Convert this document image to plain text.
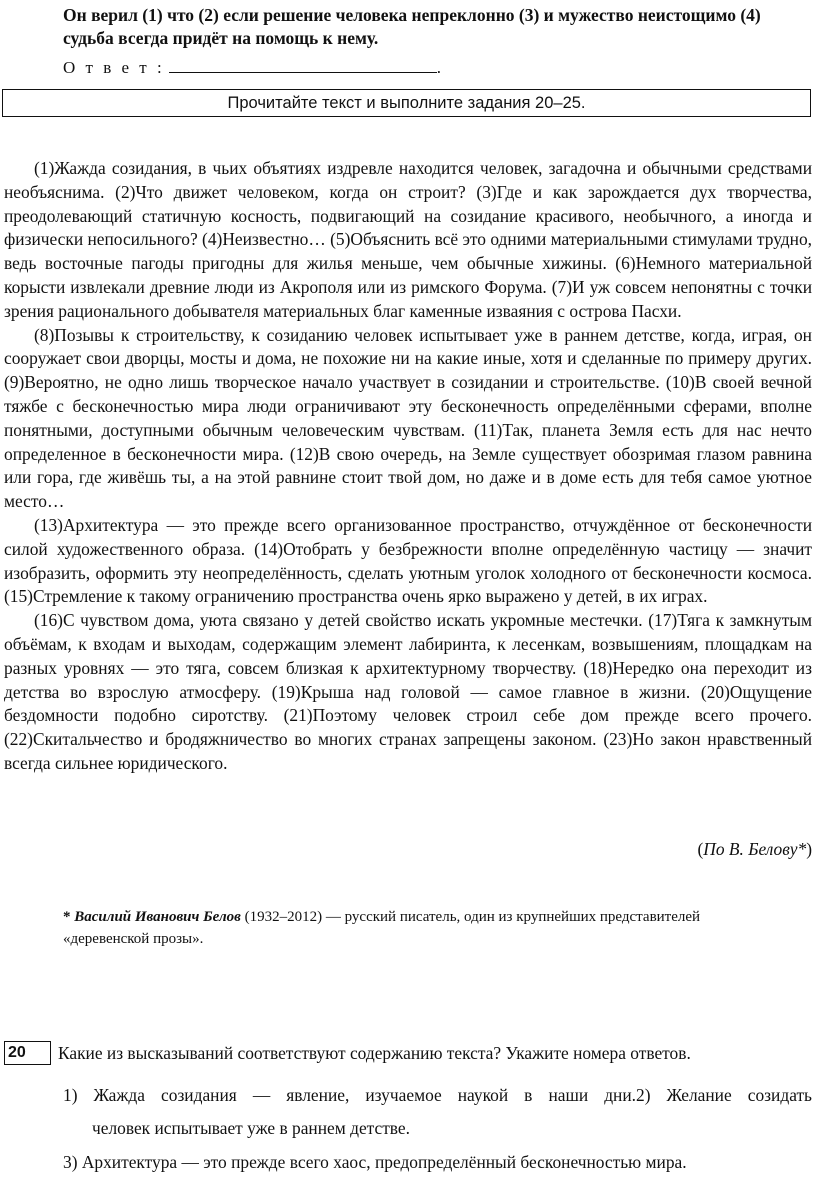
Он верил (1) что (2) если решение человека непреклонно (3) и мужество неистощимо (4) судьба всегда придёт на помощь к нему.
О т в е т :	.
Прочитайте текст и выполните задания 20–25.

(1)Жажда созидания, в чьих объятиях издревле находится человек, загадочна и обычными средствами необъяснима. (2)Что движет человеком, когда он строит? (3)Где и как зарождается дух творчества, преодолевающий статичную косность, подвигающий на созидание красивого, необычного, а иногда и физически непосильного? (4)Неизвестно… (5)Объяснить всё это одними материальными стимулами трудно, ведь восточные пагоды пригодны для жилья меньше, чем обычные хижины. (6)Немного материальной корысти извлекали древние люди из Акрополя или из римского Форума. (7)И уж совсем непонятны с точки зрения рационального добывателя материальных благ каменные изваяния с острова Пасхи.

(8)Позывы к строительству, к созиданию человек испытывает уже в раннем детстве, когда, играя, он сооружает свои дворцы, мосты и дома, не похожие ни на какие иные, хотя и сделанные по примеру других. (9)Вероятно, не одно лишь творческое начало участвует в созидании и строительстве. (10)В своей вечной тяжбе с бесконечностью мира люди ограничивают эту бесконечность определёнными сферами, вполне понятными, доступными обычным человеческим чувствам. (11)Так, планета Земля есть для нас нечто определенное в бесконечности мира. (12)В свою очередь, на Земле существует обозримая глазом равнина или гора, где живёшь ты, а на этой равнине стоит твой дом, но даже и в доме есть для тебя самое уютное место…

(13)Архитектура — это прежде всего организованное пространство, отчуждённое от бесконечности силой художественного образа. (14)Отобрать у безбрежности вполне определённую частицу — значит изобразить, оформить эту неопределённость, сделать уютным уголок холодного от бесконечности космоса. (15)Стремление к такому ограничению пространства очень ярко выражено у детей, в их играх.

(16)С чувством дома, уюта связано у детей свойство искать укромные местечки. (17)Тяга к замкнутым объёмам, к входам и выходам, содержащим элемент лабиринта, к лесенкам, возвышениям, площадкам на разных уровнях — это тяга, совсем близкая к архитектурному творчеству. (18)Нередко она переходит из детства во взрослую атмосферу. (19)Крыша над головой — самое главное в жизни. (20)Ощущение бездомности подобно сиротству. (21)Поэтому человек строил себе дом прежде всего прочего. (22)Скитальчество и бродяжничество во многих странах запрещены законом. (23)Но закон нравственный всегда сильнее юридического.

(По В. Белову*)
* Василий Иванович Белов (1932–2012) — русский писатель, один из крупнейших представителей «деревенской прозы».
20	Какие из высказываний соответствуют содержанию текста? Укажите номера ответов.
1) Жажда созидания — явление, изучаемое наукой в наши дни.2) Желание созидать
человек испытывает уже в раннем детстве.
3) Архитектура — это прежде всего хаос, предопределённый бесконечностью мира.
